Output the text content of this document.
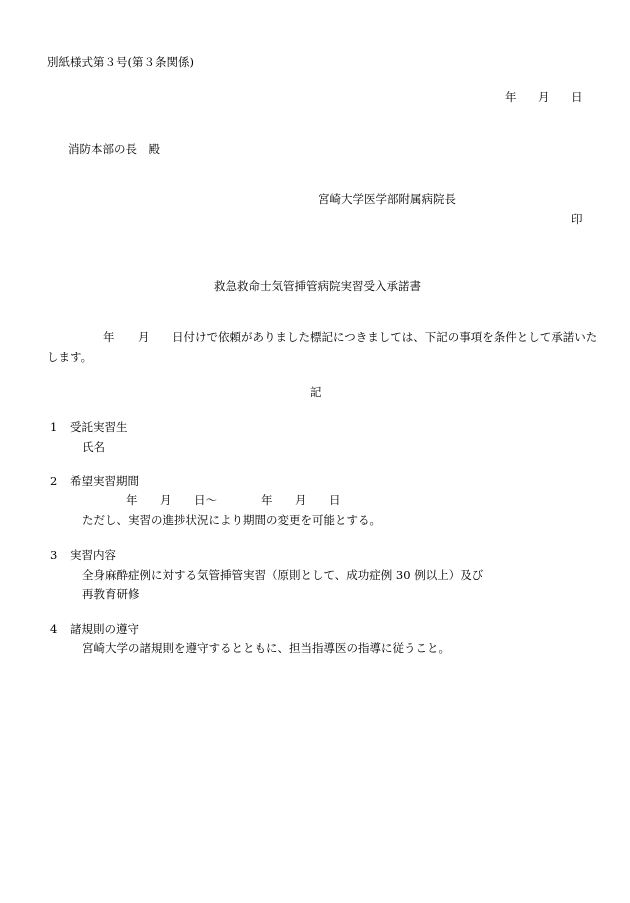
別紙様式第３号(第３条関係)
年 月 日
消防本部の長　殿
宮崎大学医学部附属病院長
印
救急救命士気管挿管病院実習受入承諾書
年 月 日付けで依頼がありました標記につきましては、下記の事項を条件として承諾いた
します。
記
1 受託実習生
氏名
2 希望実習期間
年 月 日〜	年 月 日
ただし、実習の進捗状況により期間の変更を可能とする。
3 実習内容
全身麻酔症例に対する気管挿管実習（原則として、成功症例 30 例以上）及び
再教育研修
4 諸規則の遵守
宮崎大学の諸規則を遵守するとともに、担当指導医の指導に従うこと。
